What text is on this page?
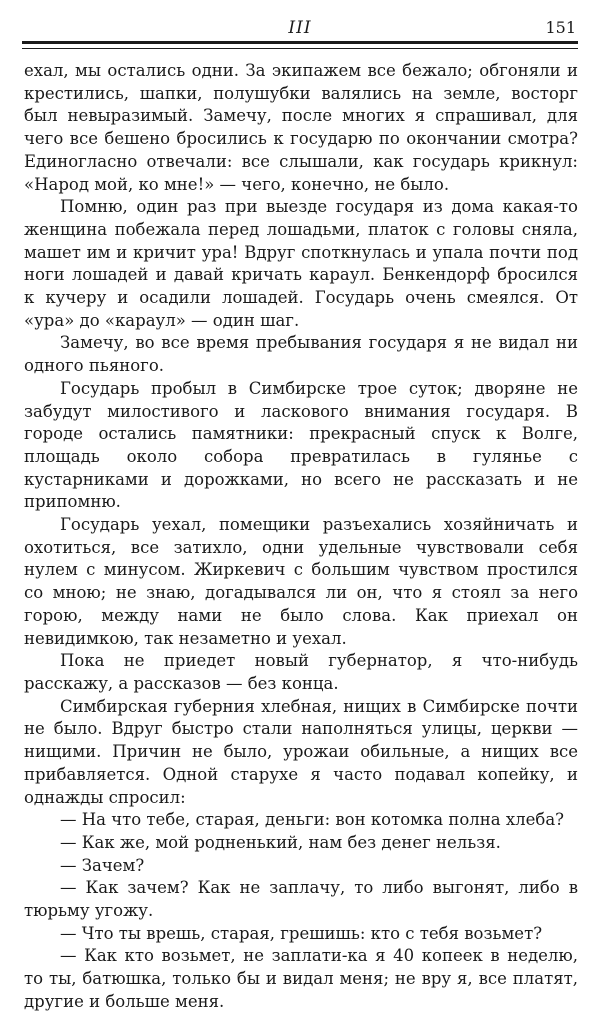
III	151

ехал, мы остались одни. За экипажем все бежало; обгоняли и крестились, шапки, полушубки валялись на земле, восторг был невыразимый. Замечу, после многих я спрашивал, для чего все бешено бросились к государю по окончании смотра? Единогласно отвечали: все слышали, как государь крикнул: «Народ мой, ко мне!» — чего, конечно, не было.

Помню, один раз при выезде государя из дома какая-то женщина побежала перед лошадьми, платок с головы сняла, машет им и кричит ура! Вдруг споткнулась и упала почти под ноги лошадей и давай кричать караул. Бенкендорф бросился к кучеру и осадили лошадей. Государь очень смеялся. От «ура» до «караул» — один шаг.

Замечу, во все время пребывания государя я не видал ни одного пьяного.

Государь пробыл в Симбирске трое суток; дворяне не забудут милостивого и ласкового внимания государя. В городе остались памятники: прекрасный спуск к Волге, площадь около собора превратилась в гулянье с кустарниками и дорожками, но всего не рассказать и не припомню.

Государь уехал, помещики разъехались хозяйничать и охотиться, все затихло, одни удельные чувствовали себя нулем с минусом. Жиркевич с большим чувством простился со мною; не знаю, догадывался ли он, что я стоял за него горою, между нами не было слова. Как приехал он невидимкою, так незаметно и уехал.

Пока не приедет новый губернатор, я что-нибудь расскажу, а рассказов — без конца.

Симбирская губерния хлебная, нищих в Симбирске почти не было. Вдруг быстро стали наполняться улицы, церкви — нищими. Причин не было, урожаи обильные, а нищих все прибавляется. Одной старухе я часто подавал копейку, и однажды спросил:

— На что тебе, старая, деньги: вон котомка полна хлеба?

— Как же, мой родненький, нам без денег нельзя.

— Зачем?

— Как зачем? Как не заплачу, то либо выгонят, либо в тюрьму угожу.

— Что ты врешь, старая, грешишь: кто с тебя возьмет?

— Как кто возьмет, не заплати-ка я 40 копеек в неделю, то ты, батюшка, только бы и видал меня; не вру я, все платят, другие и больше меня.
